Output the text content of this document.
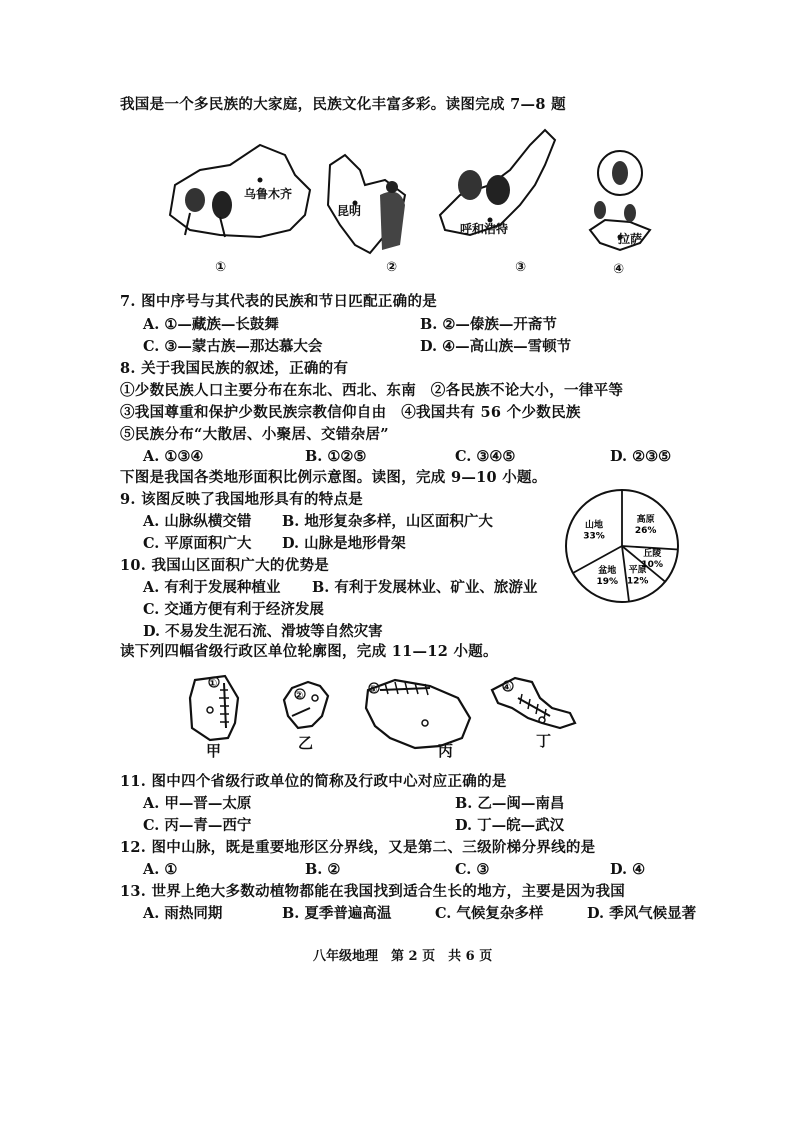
我国是一个多民族的大家庭，民族文化丰富多彩。读图完成 7—8 题
乌鲁木齐
①
昆明
②
呼和浩特
③
拉萨
④
7. 图中序号与其代表的民族和节日匹配正确的是
A. ①—藏族—长鼓舞	B. ②—傣族—开斋节
C. ③—蒙古族—那达慕大会	D. ④—高山族—雪顿节
8. 关于我国民族的叙述，正确的有
①少数民族人口主要分布在东北、西北、东南　②各民族不论大小，一律平等
③我国尊重和保护少数民族宗教信仰自由　④我国共有 56 个少数民族
⑤民族分布“大散居、小聚居、交错杂居”
A. ①③④	B. ①②⑤	C. ③④⑤	D. ②③⑤
下图是我国各类地形面积比例示意图。读图，完成 9—10 小题。
9. 该图反映了我国地形具有的特点是
A. 山脉纵横交错 B. 地形复杂多样，山区面积广大
C. 平原面积广大 D. 山脉是地形骨架
10. 我国山区面积广大的优势是
A. 有利于发展种植业 B. 有利于发展林业、矿业、旅游业
C. 交通方便有利于经济发展
D. 不易发生泥石流、滑坡等自然灾害
高原
26%
丘陵
10%
平原
12%
盆地
19%
山地
33%
读下列四幅省级行政区单位轮廓图，完成 11—12 小题。
①
甲
②
乙
③
丙
④
丁
11. 图中四个省级行政单位的简称及行政中心对应正确的是
A. 甲—晋—太原	B. 乙—闽—南昌
C. 丙—青—西宁	D. 丁—皖—武汉
12. 图中山脉，既是重要地形区分界线，又是第二、三级阶梯分界线的是
A. ①	B. ②	C. ③	D. ④
13. 世界上绝大多数动植物都能在我国找到适合生长的地方，主要是因为我国
A. 雨热同期	B. 夏季普遍高温	C. 气候复杂多样	D. 季风气候显著
八年级地理　第 2 页　共 6 页
